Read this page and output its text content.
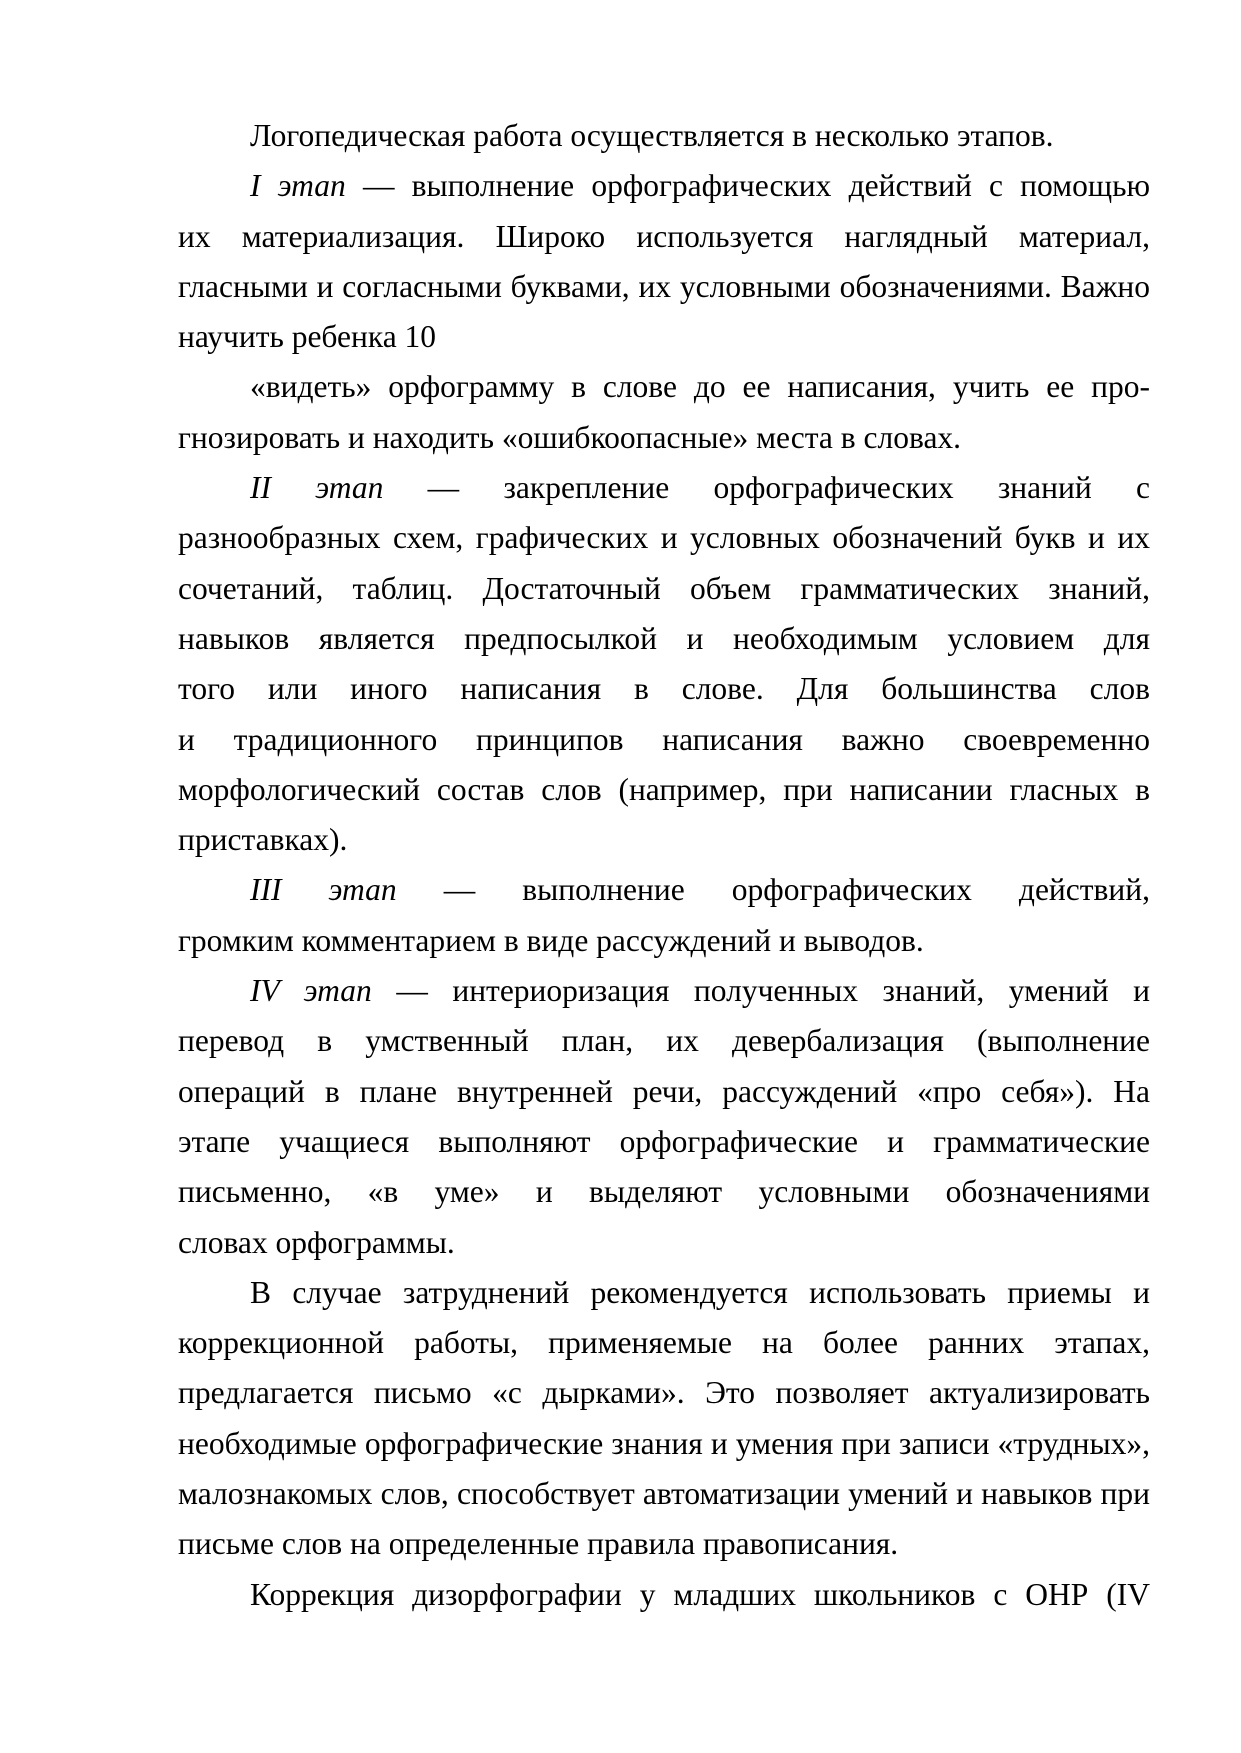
Логопедическая работа осуществляется в несколько этапов.
I этап — выполнение орфографических действий с помощью
их материализация. Широко используется наглядный материал,
гласными и согласными буквами, их условными обозначениями. Важно
научить ребенка 10
«видеть» орфограмму в слове до ее написания, учить ее про-
гнозировать и находить «ошибкоопасные» места в словах.
II этап — закрепление орфографических знаний с
разнообразных схем, графических и условных обозначений букв и их
сочетаний, таблиц. Достаточный объем грамматических знаний,
навыков является предпосылкой и необходимым условием для
того или иного написания в слове. Для большинства слов
и традиционного принципов написания важно своевременно
морфологический состав слов (например, при написании гласных в
приставках).
III этап — выполнение орфографических действий,
громким комментарием в виде рассуждений и выводов.
IV этап — интериоризация полученных знаний, умений и
перевод в умственный план, их девербализация (выполнение
операций в плане внутренней речи, рассуждений «про себя»). На
этапе учащиеся выполняют орфографические и грамматические
письменно, «в уме» и выделяют условными обозначениями
словах орфограммы.
В случае затруднений рекомендуется использовать приемы и
коррекционной работы, применяемые на более ранних этапах,
предлагается письмо «с дырками». Это позволяет актуализировать
необходимые орфографические знания и умения при записи «трудных»,
малознакомых слов, способствует автоматизации умений и навыков при
письме слов на определенные правила правописания.
Коррекция дизорфографии у младших школьников с ОНР (IV
